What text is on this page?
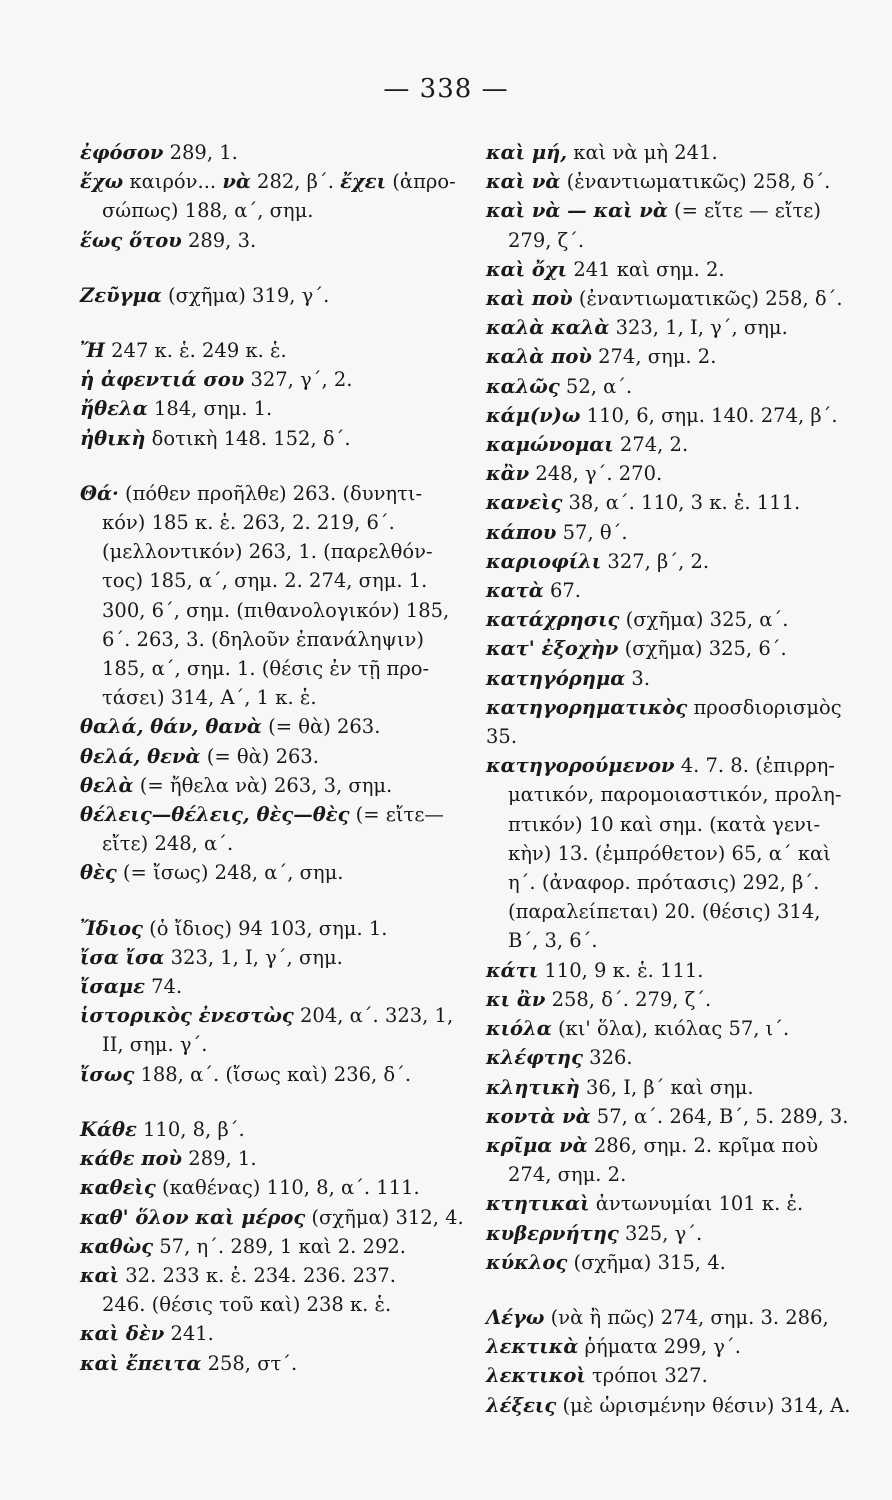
— 338 —
ἐφόσον 289, 1.
ἔχω καιρόν... νὰ 282, β΄. ἔχει (ἀπρο-
σώπως) 188, α΄, σημ.
ἕως ὅτου 289, 3.
Ζεῦγμα (σχῆμα) 319, γ΄.
Ἤ 247 κ. ἑ. 249 κ. ἑ.
ἡ ἀφεντιά σου 327, γ΄, 2.
ἤθελα 184, σημ. 1.
ἠθικὴ δοτικὴ 148. 152, δ΄.
Θά· (πόθεν προῆλθε) 263. (δυνητι-
κόν) 185 κ. ἑ. 263, 2. 219, 6΄.
(μελλοντικόν) 263, 1. (παρελθόν-
τος) 185, α΄, σημ. 2. 274, σημ. 1.
300, 6΄, σημ. (πιθανολογικόν) 185,
6΄. 263, 3. (δηλοῦν ἐπανάληψιν)
185, α΄, σημ. 1. (θέσις ἐν τῇ προ-
τάσει) 314, Α΄, 1 κ. ἑ.
θαλά, θάν, θανὰ (= θὰ) 263.
θελά, θενὰ (= θὰ) 263.
θελὰ (= ἤθελα νὰ) 263, 3, σημ.
θέλεις—θέλεις, θὲς—θὲς (= εἴτε—
εἴτε) 248, α΄.
θὲς (= ἴσως) 248, α΄, σημ.
Ἴδιος (ὁ ἴδιος) 94 103, σημ. 1.
ἴσα ἴσα 323, 1, Ι, γ΄, σημ.
ἴσαμε 74.
ἱστορικὸς ἐνεστὼς 204, α΄. 323, 1,
ΙΙ, σημ. γ΄.
ἴσως 188, α΄. (ἴσως καὶ) 236, δ΄.
Κάθε 110, 8, β΄.
κάθε ποὺ 289, 1.
καθεὶς (καθένας) 110, 8, α΄. 111.
καθ' ὅλον καὶ μέρος (σχῆμα) 312, 4.
καθὼς 57, η΄. 289, 1 καὶ 2. 292.
καὶ 32. 233 κ. ἑ. 234. 236. 237.
246. (θέσις τοῦ καὶ) 238 κ. ἑ.
καὶ δὲν 241.
καὶ ἔπειτα 258, στ΄.
καὶ μή, καὶ νὰ μὴ 241.
καὶ νὰ (ἐναντιωματικῶς) 258, δ΄.
καὶ νὰ — καὶ νὰ (= εἴτε — εἴτε)
279, ζ΄.
καὶ ὄχι 241 καὶ σημ. 2.
καὶ ποὺ (ἐναντιωματικῶς) 258, δ΄.
καλὰ καλὰ 323, 1, Ι, γ΄, σημ.
καλὰ ποὺ 274, σημ. 2.
καλῶς 52, α΄.
κάμ(ν)ω 110, 6, σημ. 140. 274, β΄.
καμώνομαι 274, 2.
κἂν 248, γ΄. 270.
κανεὶς 38, α΄. 110, 3 κ. ἑ. 111.
κάπου 57, θ΄.
καριοφίλι 327, β΄, 2.
κατὰ 67.
κατάχρησις (σχῆμα) 325, α΄.
κατ' ἐξοχὴν (σχῆμα) 325, 6΄.
κατηγόρημα 3.
κατηγορηματικὸς προσδιορισμὸς 35.
κατηγορούμενον 4. 7. 8. (ἐπιρρη-
ματικόν, παρομοιαστικόν, προλη-
πτικόν) 10 καὶ σημ. (κατὰ γενι-
κὴν) 13. (ἐμπρόθετον) 65, α΄ καὶ
η΄. (ἀναφορ. πρότασις) 292, β΄.
(παραλείπεται) 20. (θέσις) 314,
Β΄, 3, 6΄.
κάτι 110, 9 κ. ἑ. 111.
κι ἂν 258, δ΄. 279, ζ΄.
κιόλα (κι' ὅλα), κιόλας 57, ι΄.
κλέφτης 326.
κλητικὴ 36, Ι, β΄ καὶ σημ.
κοντὰ νὰ 57, α΄. 264, Β΄, 5. 289, 3.
κρῖμα νὰ 286, σημ. 2. κρῖμα ποὺ
274, σημ. 2.
κτητικαὶ ἀντωνυμίαι 101 κ. ἑ.
κυβερνήτης 325, γ΄.
κύκλος (σχῆμα) 315, 4.
Λέγω (νὰ ἢ πῶς) 274, σημ. 3. 286,
λεκτικὰ ῥήματα 299, γ΄.
λεκτικοὶ τρόποι 327.
λέξεις (μὲ ὡρισμένην θέσιν) 314, Α.
